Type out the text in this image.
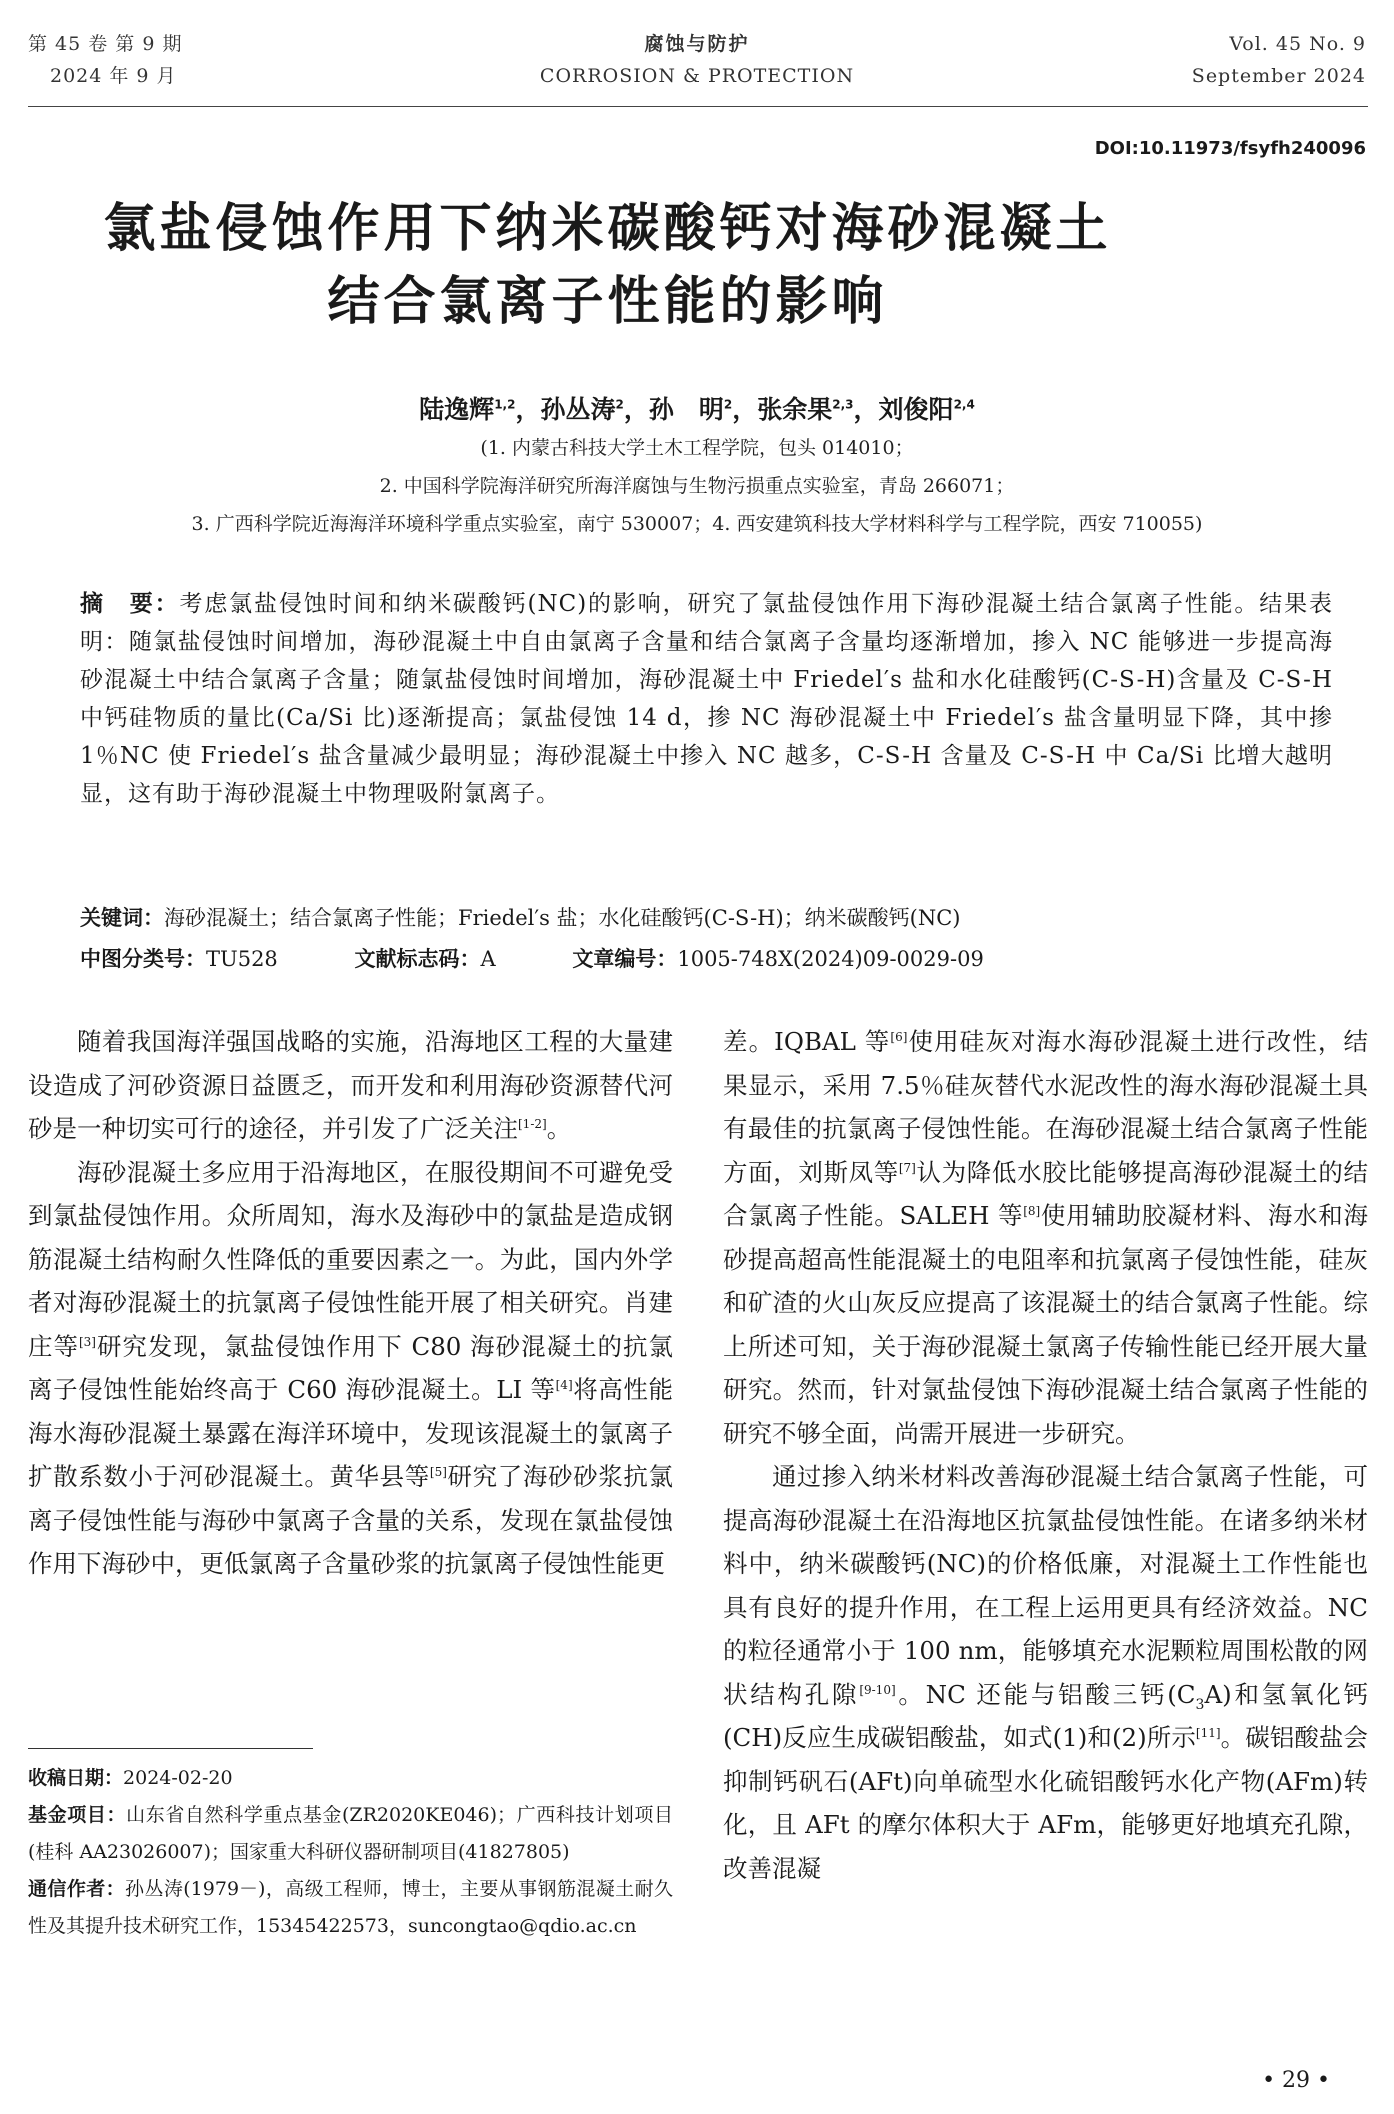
第 45 卷 第 9 期
2024 年 9 月
腐蚀与防护
CORROSION & PROTECTION
Vol. 45 No. 9
September 2024
DOI:10.11973/fsyfh240096
氯盐侵蚀作用下纳米碳酸钙对海砂混凝土
结合氯离子性能的影响
陆逸辉$^{1,2}$，孙丛涛$^2$，孙　明$^2$，张余果$^{2,3}$，刘俊阳$^{2,4}$
(1. 内蒙古科技大学土木工程学院，包头 014010；
2. 中国科学院海洋研究所海洋腐蚀与生物污损重点实验室，青岛 266071；
3. 广西科学院近海海洋环境科学重点实验室，南宁 530007；4. 西安建筑科技大学材料科学与工程学院，西安 710055)
摘　要：考虑氯盐侵蚀时间和纳米碳酸钙(NC)的影响，研究了氯盐侵蚀作用下海砂混凝土结合氯离子性能。结果表明：随氯盐侵蚀时间增加，海砂混凝土中自由氯离子含量和结合氯离子含量均逐渐增加，掺入 NC 能够进一步提高海砂混凝土中结合氯离子含量；随氯盐侵蚀时间增加，海砂混凝土中 Friedel′s 盐和水化硅酸钙(C-S-H)含量及 C-S-H 中钙硅物质的量比(Ca/Si 比)逐渐提高；氯盐侵蚀 14 d，掺 NC 海砂混凝土中 Friedel′s 盐含量明显下降，其中掺 1％NC 使 Friedel′s 盐含量减少最明显；海砂混凝土中掺入 NC 越多，C-S-H 含量及 C-S-H 中 Ca/Si 比增大越明显，这有助于海砂混凝土中物理吸附氯离子。
关键词：海砂混凝土；结合氯离子性能；Friedel′s 盐；水化硅酸钙(C-S-H)；纳米碳酸钙(NC)
中图分类号：TU528	文献标志码：A	文章编号：1005-748X(2024)09-0029-09

随着我国海洋强国战略的实施，沿海地区工程的大量建设造成了河砂资源日益匮乏，而开发和利用海砂资源替代河砂是一种切实可行的途径，并引发了广泛关注[1-2]。

海砂混凝土多应用于沿海地区，在服役期间不可避免受到氯盐侵蚀作用。众所周知，海水及海砂中的氯盐是造成钢筋混凝土结构耐久性降低的重要因素之一。为此，国内外学者对海砂混凝土的抗氯离子侵蚀性能开展了相关研究。肖建庄等[3]研究发现，氯盐侵蚀作用下 C80 海砂混凝土的抗氯离子侵蚀性能始终高于 C60 海砂混凝土。LI 等[4]将高性能海水海砂混凝土暴露在海洋环境中，发现该混凝土的氯离子扩散系数小于河砂混凝土。黄华县等[5]研究了海砂砂浆抗氯离子侵蚀性能与海砂中氯离子含量的关系，发现在氯盐侵蚀作用下海砂中，更低氯离子含量砂浆的抗氯离子侵蚀性能更

收稿日期：2024-02-20
基金项目：山东省自然科学重点基金(ZR2020KE046)；广西科技计划项目(桂科 AA23026007)；国家重大科研仪器研制项目(41827805)
通信作者：孙丛涛(1979－)，高级工程师，博士，主要从事钢筋混凝土耐久性及其提升技术研究工作，15345422573，suncongtao@qdio.ac.cn

差。IQBAL 等[6]使用硅灰对海水海砂混凝土进行改性，结果显示，采用 7.5％硅灰替代水泥改性的海水海砂混凝土具有最佳的抗氯离子侵蚀性能。在海砂混凝土结合氯离子性能方面，刘斯凤等[7]认为降低水胶比能够提高海砂混凝土的结合氯离子性能。SALEH 等[8]使用辅助胶凝材料、海水和海砂提高超高性能混凝土的电阻率和抗氯离子侵蚀性能，硅灰和矿渣的火山灰反应提高了该混凝土的结合氯离子性能。综上所述可知，关于海砂混凝土氯离子传输性能已经开展大量研究。然而，针对氯盐侵蚀下海砂混凝土结合氯离子性能的研究不够全面，尚需开展进一步研究。

通过掺入纳米材料改善海砂混凝土结合氯离子性能，可提高海砂混凝土在沿海地区抗氯盐侵蚀性能。在诸多纳米材料中，纳米碳酸钙(NC)的价格低廉，对混凝土工作性能也具有良好的提升作用，在工程上运用更具有经济效益。NC 的粒径通常小于 100 nm，能够填充水泥颗粒周围松散的网状结构孔隙[9-10]。NC 还能与铝酸三钙$(C_3A)$和氢氧化钙(CH)反应生成碳铝酸盐，如式(1)和(2)所示[11]。碳铝酸盐会抑制钙矾石(AFt)向单硫型水化硫铝酸钙水化产物(AFm)转化，且 AFt 的摩尔体积大于 AFm，能够更好地填充孔隙，改善混凝

• 29 •
